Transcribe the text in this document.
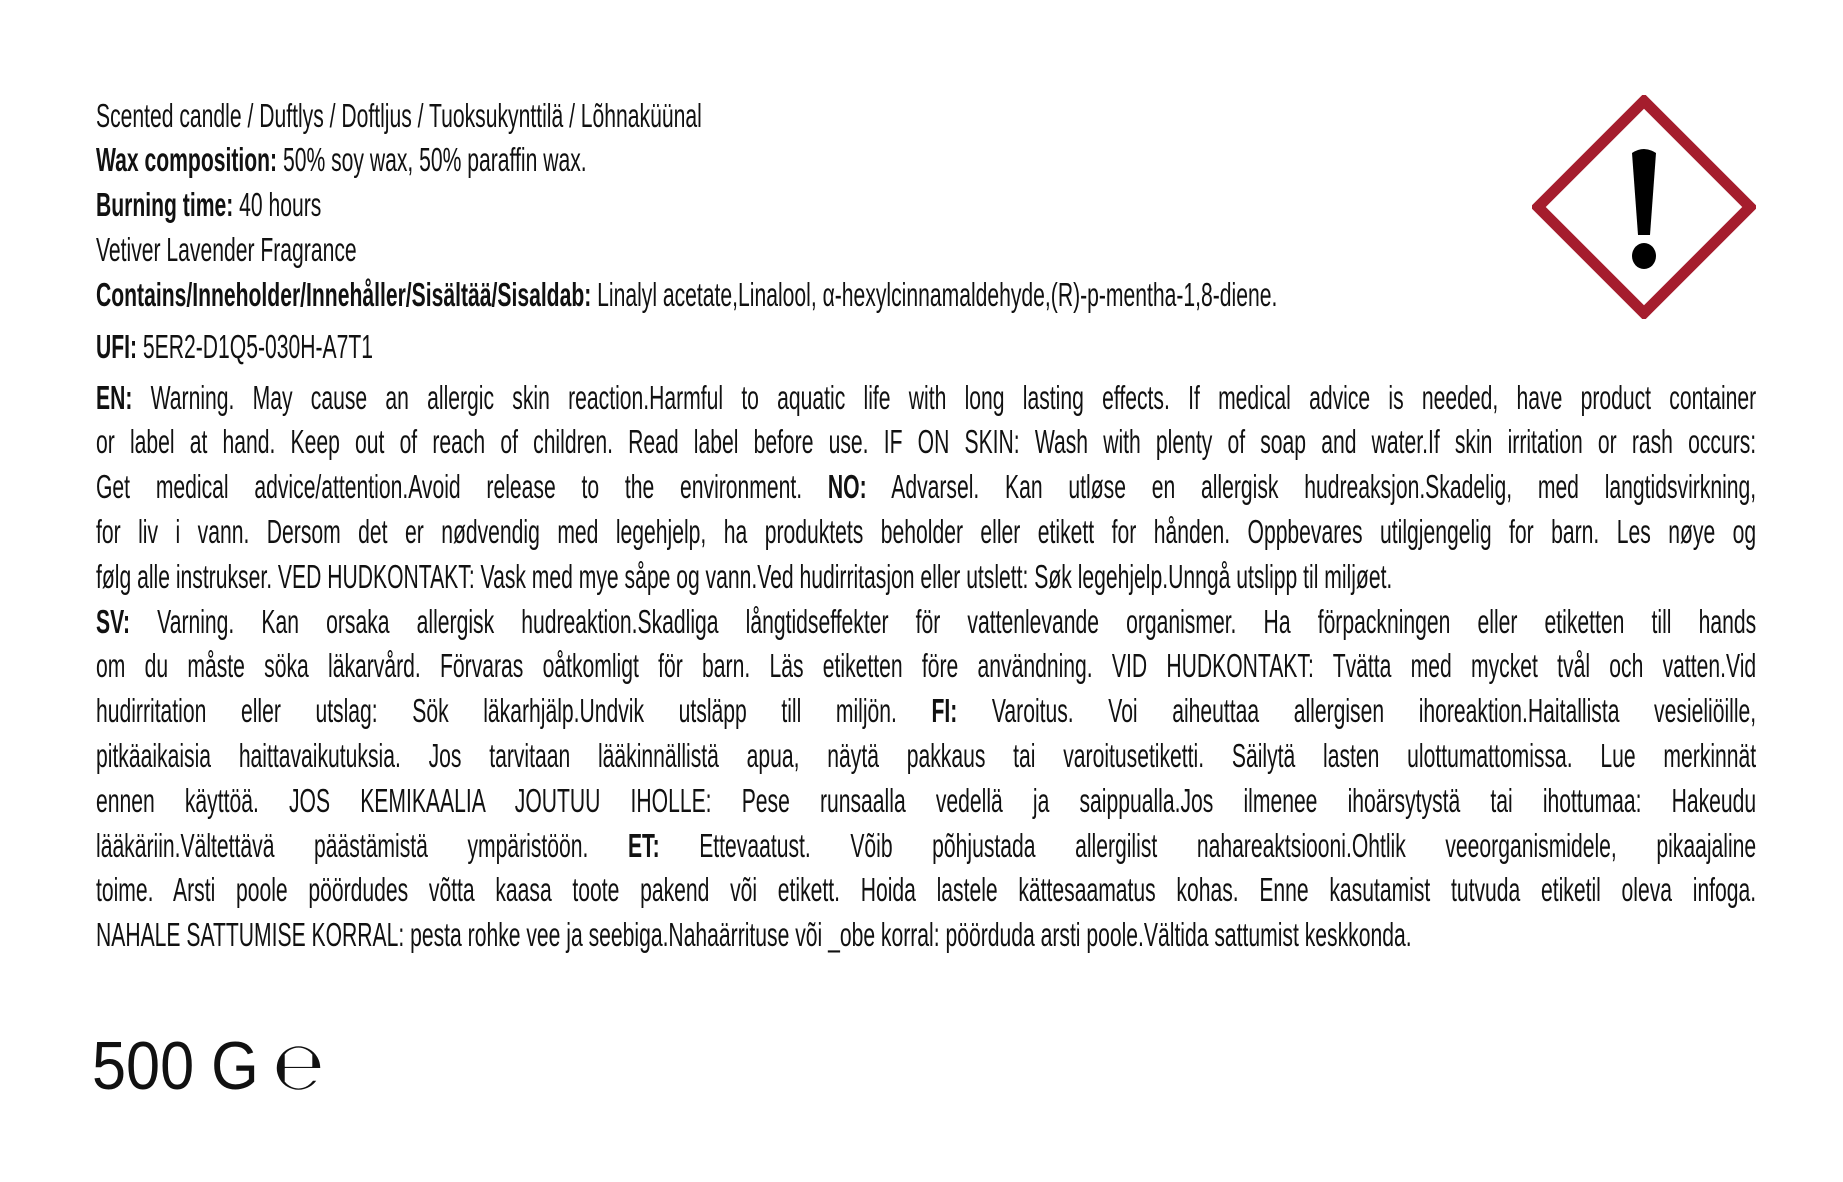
Scented candle / Duftlys / Doftljus / Tuoksukynttilä / Lõhnaküünal
Wax composition: 50% soy wax, 50% paraffin wax.
Burning time: 40 hours
Vetiver Lavender Fragrance
Contains/Inneholder/Innehåller/Sisältää/Sisaldab: Linalyl acetate,Linalool, α-hexylcinnamaldehyde,(R)-p-mentha-1,8-diene.
UFI: 5ER2-D1Q5-030H-A7T1
EN: Warning. May cause an allergic skin reaction.Harmful to aquatic life with long lasting effects. If medical advice is needed, have product container
or label at hand. Keep out of reach of children. Read label before use. IF ON SKIN: Wash with plenty of soap and water.If skin irritation or rash occurs:
Get medical advice/attention.Avoid release to the environment. NO: Advarsel. Kan utløse en allergisk hudreaksjon.Skadelig, med langtidsvirkning,
for liv i vann. Dersom det er nødvendig med legehjelp, ha produktets beholder eller etikett for hånden. Oppbevares utilgjengelig for barn. Les nøye og
følg alle instrukser. VED HUDKONTAKT: Vask med mye såpe og vann.Ved hudirritasjon eller utslett: Søk legehjelp.Unngå utslipp til miljøet.
SV: Varning. Kan orsaka allergisk hudreaktion.Skadliga långtidseffekter för vattenlevande organismer. Ha förpackningen eller etiketten till hands
om du måste söka läkarvård. Förvaras oåtkomligt för barn. Läs etiketten före användning. VID HUDKONTAKT: Tvätta med mycket tvål och vatten.Vid
hudirritation eller utslag: Sök läkarhjälp.Undvik utsläpp till miljön. FI: Varoitus. Voi aiheuttaa allergisen ihoreaktion.Haitallista vesieliöille,
pitkäaikaisia haittavaikutuksia. Jos tarvitaan lääkinnällistä apua, näytä pakkaus tai varoitusetiketti. Säilytä lasten ulottumattomissa. Lue merkinnät
ennen käyttöä. JOS KEMIKAALIA JOUTUU IHOLLE: Pese runsaalla vedellä ja saippualla.Jos ilmenee ihoärsytystä tai ihottumaa: Hakeudu
lääkäriin.Vältettävä päästämistä ympäristöön. ET: Ettevaatust. Võib põhjustada allergilist nahareaktsiooni.Ohtlik veeorganismidele, pikaajaline
toime. Arsti poole pöördudes võtta kaasa toote pakend või etikett. Hoida lastele kättesaamatus kohas. Enne kasutamist tutvuda etiketil oleva infoga.
NAHALE SATTUMISE KORRAL: pesta rohke vee ja seebiga.Nahaärrituse või _obe korral: pöörduda arsti poole.Vältida sattumist keskkonda.
500 G ℮
